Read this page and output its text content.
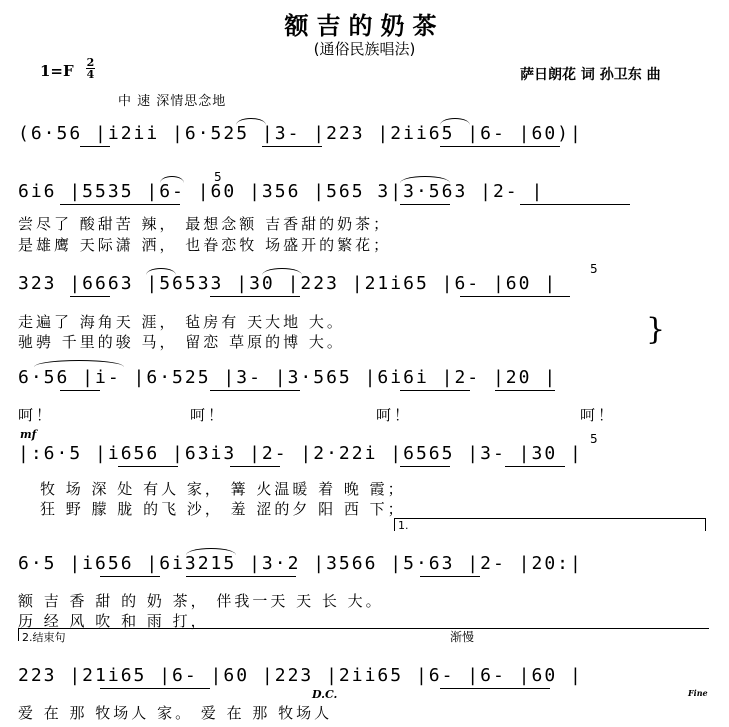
额吉的奶茶
(通俗民族唱法)
1=F 2
4	萨日朗花 词 孙卫东 曲
中 速 深情思念地
(6·56 |i2ii |6·525 |3- |223 |2ii65 |6- |60)|
6i6 |5535 |6- |60 |356 |565 3|3·563 |2- |
5
尝尽了 酸甜苦 辣， 最想念额 吉香甜的奶茶；
是雄鹰 天际潇 洒， 也眷恋牧 场盛开的繁花；
323 |6663 |56533 |30 |223 |21i65 |6- |60 |
5
走遍了 海角天 涯， 毡房有 天大地 大。
驰骋 千里的骏 马， 留恋 草原的博 大。	}
6·56 |i- |6·525 |3- |3·565 |6i6i |2- |20 |
呵！	呵！	呵！	呵！
mf
|:6·5 |i656 |63i3 |2- |2·22i |6565 |3- |30 |
5
牧 场 深 处 有人 家， 篝 火温暖 着 晚 霞；
狂 野 朦 胧 的飞 沙， 羞 涩的夕 阳 西 下；
1.
6·5 |i656 |6i3215 |3·2 |3566 |5·63 |2- |20:|
额 吉 香 甜 的 奶 茶， 伴我一天 天 长 大。
历 经 风 吹 和 雨 打，
2.结束句	渐慢
223 |21i65 |6- |60 |223 |2ii65 |6- |6- |60 |
D.C.	Fine
爱 在 那 牧场人 家。 爱 在 那 牧场人
